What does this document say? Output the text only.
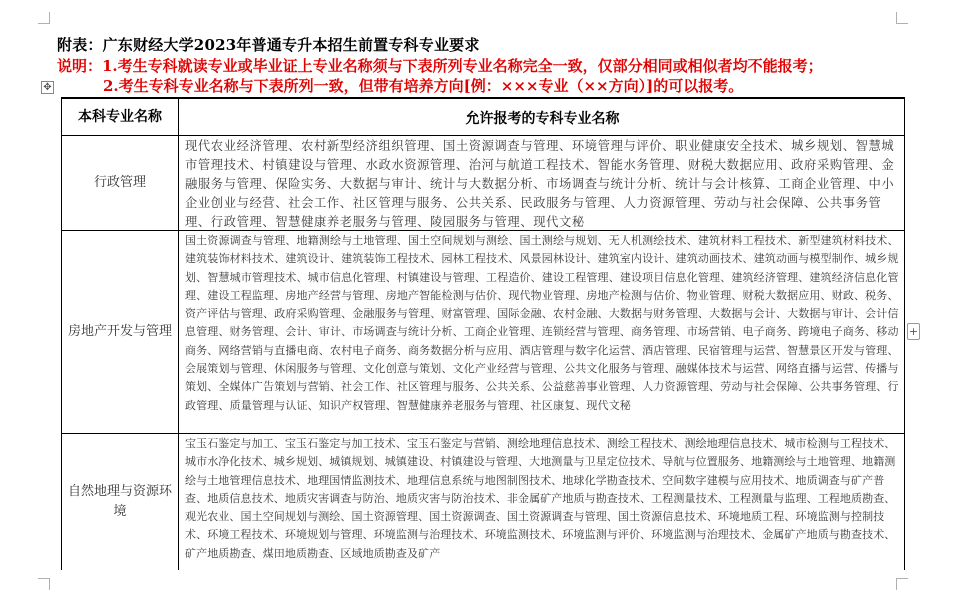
附表：广东财经大学2023年普通专升本招生前置专科专业要求
说明：1.考生专科就读专业或毕业证上专业名称须与下表所列专业名称完全一致，仅部分相同或相似者均不能报考；
2.考生专科专业名称与下表所列一致，但带有培养方向[例：×××专业（××方向）]的可以报考。
✥
+
本科专业名称	允许报考的专科专业名称
行政管理
现代农业经济管理、农村新型经济组织管理、国土资源调查与管理、环境管理与评价、职业健康安全技术、城乡规划、智慧城市管理技术、村镇建设与管理、水政水资源管理、治河与航道工程技术、智能水务管理、财税大数据应用、政府采购管理、金融服务与管理、保险实务、大数据与审计、统计与大数据分析、市场调查与统计分析、统计与会计核算、工商企业管理、中小企业创业与经营、社会工作、社区管理与服务、公共关系、民政服务与管理、人力资源管理、劳动与社会保障、公共事务管理、行政管理、智慧健康养老服务与管理、陵园服务与管理、现代文秘
房地产开发与管理
国土资源调查与管理、地籍测绘与土地管理、国土空间规划与测绘、国土测绘与规划、无人机测绘技术、建筑材料工程技术、新型建筑材料技术、建筑装饰材料技术、建筑设计、建筑装饰工程技术、园林工程技术、风景园林设计、建筑室内设计、建筑动画技术、建筑动画与模型制作、城乡规划、智慧城市管理技术、城市信息化管理、村镇建设与管理、工程造价、建设工程管理、建设项目信息化管理、建筑经济管理、建筑经济信息化管理、建设工程监理、房地产经营与管理、房地产智能检测与估价、现代物业管理、房地产检测与估价、物业管理、财税大数据应用、财政、税务、资产评估与管理、政府采购管理、金融服务与管理、财富管理、国际金融、农村金融、大数据与财务管理、大数据与会计、大数据与审计、会计信息管理、财务管理、会计、审计、市场调查与统计分析、工商企业管理、连锁经营与管理、商务管理、市场营销、电子商务、跨境电子商务、移动商务、网络营销与直播电商、农村电子商务、商务数据分析与应用、酒店管理与数字化运营、酒店管理、民宿管理与运营、智慧景区开发与管理、会展策划与管理、休闲服务与管理、文化创意与策划、文化产业经营与管理、公共文化服务与管理、融媒体技术与运营、网络直播与运营、传播与策划、全媒体广告策划与营销、社会工作、社区管理与服务、公共关系、公益慈善事业管理、人力资源管理、劳动与社会保障、公共事务管理、行政管理、质量管理与认证、知识产权管理、智慧健康养老服务与管理、社区康复、现代文秘
自然地理与资源环境
宝玉石鉴定与加工、宝玉石鉴定与加工技术、宝玉石鉴定与营销、测绘地理信息技术、测绘工程技术、测绘地理信息技术、城市检测与工程技术、城市水净化技术、城乡规划、城镇规划、城镇建设、村镇建设与管理、大地测量与卫星定位技术、导航与位置服务、地籍测绘与土地管理、地籍测绘与土地管理信息技术、地理国情监测技术、地理信息系统与地图制图技术、地球化学勘查技术、空间数字建模与应用技术、地质调查与矿产普查、地质信息技术、地质灾害调查与防治、地质灾害与防治技术、非金属矿产地质与勘查技术、工程测量技术、工程测量与监理、工程地质勘查、观光农业、国土空间规划与测绘、国土资源管理、国土资源调查、国土资源调查与管理、国土资源信息技术、环境地质工程、环境监测与控制技术、环境工程技术、环境规划与管理、环境监测与治理技术、环境监测技术、环境监测与评价、环境监测与治理技术、金属矿产地质与勘查技术、矿产地质勘查、煤田地质勘查、区域地质勘查及矿产
